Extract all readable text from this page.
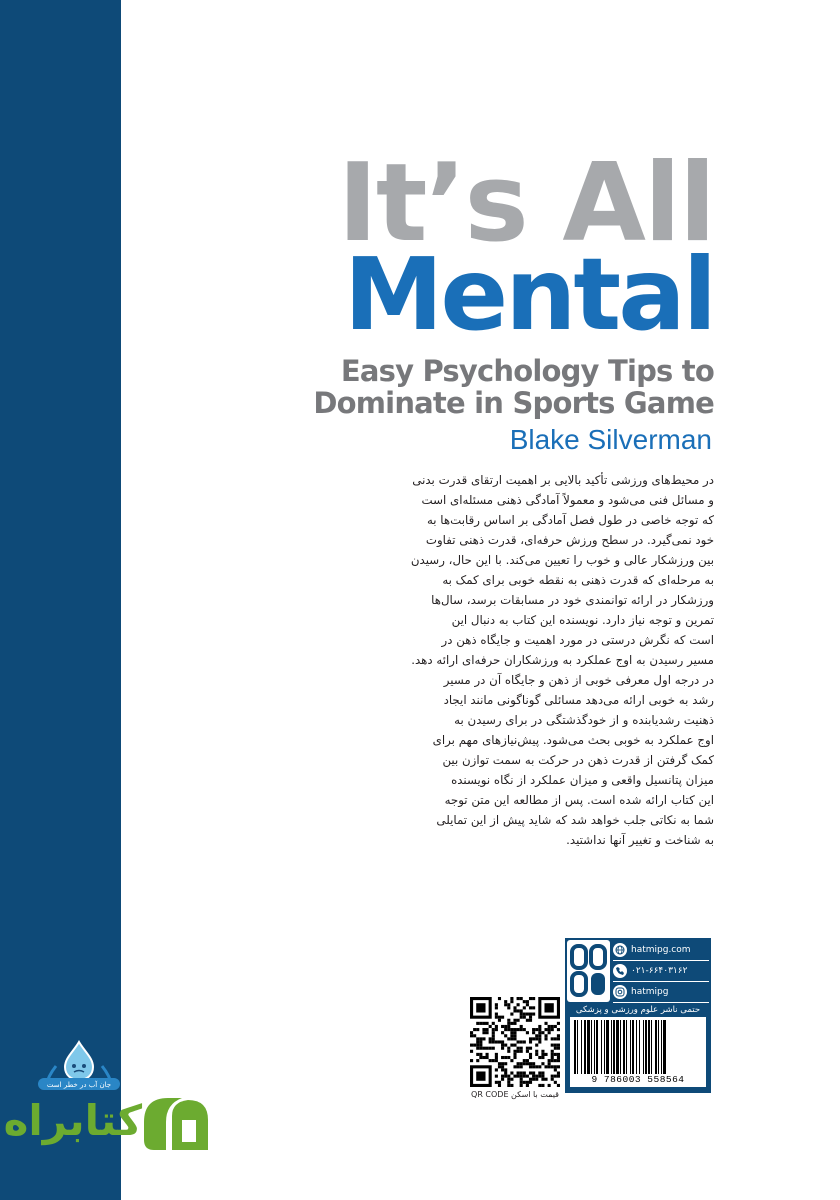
It’s All
Mental
Easy Psychology Tips to
Dominate in Sports Game
Blake Silverman

در محیط‌های ورزشی تأکید بالایی بر اهمیت ارتقای قدرت بدنی

و مسائل فنی می‌شود و معمولاً آمادگی ذهنی مسئله‌ای است

که توجه خاصی در طول فصل آمادگی بر اساس رقابت‌ها به

خود نمی‌گیرد. در سطح ورزش حرفه‌ای، قدرت ذهنی تفاوت

بین ورزشکار عالی و خوب را تعیین می‌کند. با این حال، رسیدن

به مرحله‌ای که قدرت ذهنی به نقطه خوبی برای کمک به

ورزشکار در ارائه توانمندی خود در مسابقات برسد، سال‌ها

تمرین و توجه نیاز دارد. نویسنده این کتاب به دنبال این

است که نگرش درستی در مورد اهمیت و جایگاه ذهن در

مسیر رسیدن به اوج عملکرد به ورزشکاران حرفه‌ای ارائه دهد.

در درجه اول معرفی خوبی از ذهن و جایگاه آن در مسیر

رشد به خوبی ارائه می‌دهد مسائلی گوناگونی مانند ایجاد

ذهنیت رشدیابنده و از خودگذشتگی در برای رسیدن به

اوج عملکرد به خوبی بحث می‌شود. پیش‌نیازهای مهم برای

کمک گرفتن از قدرت ذهن در حرکت به سمت توازن بین

میزان پتانسیل واقعی و میزان عملکرد از نگاه نویسنده

این کتاب ارائه شده است. پس از مطالعه این متن توجه

شما به نکاتی جلب خواهد شد که شاید پیش از این تمایلی

به شناخت و تغییر آنها نداشتید.

hatmipg.com
۰۲۱-۶۶۴۰۳۱۶۲
hatmipg
حتمی ناشر علوم ورزشی و پزشکی
9 786003 558564
قیمت با اسکن QR CODE
جان آب در خطر است
کتابراه
